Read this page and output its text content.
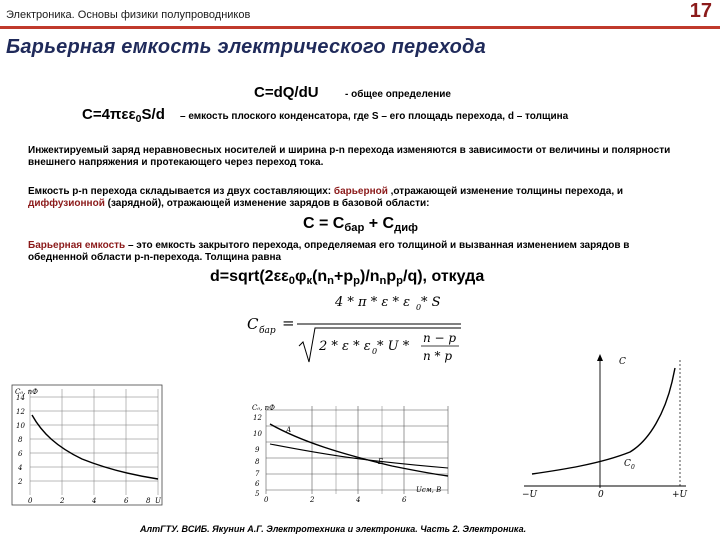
Электроника. Основы физики полупроводников	17
Барьерная емкость электрического перехода
C=dQ/dU	- общее определение
С=4πεε$_0$S/d – емкость плоского конденсатора, где S – его площадь перехода, d – толщина
Инжектируемый заряд неравновесных носителей и ширина p-n перехода изменяются в зависимости от величины и полярности внешнего напряжения и протекающего через переход тока.
Емкость p-n перехода складывается из двух составляющих: барьерной ,отражающей изменение толщины перехода, и диффузионной (зарядной), отражающей изменение зарядов в базовой области:
$С = С_{бар} + С_{диф}$
Барьерная емкость – это емкость закрытого перехода, определяемая его толщиной и вызванная изменением зарядов в обедненной области p-n-перехода. Толщина равна
$d=sqrt(2\varepsilon\varepsilon_0\varphi_к(n_n+p_p)/n_np_p/q)$, откуда
C бар =
4 * π * ε * ε 0 * S
2 * ε * ε 0 * U *
n − p
n * p
C₀, пФ
14
12
10
8
6
4
2
0	2	4	6	8 U
C₀, пФ
12
10
9
8
7
6
5
0	2	4	6
Uсм, В
А
Б
C
−U	0	+U
C 0
АлтГТУ. ВСИБ. Якунин А.Г. Электротехника и электроника. Часть 2. Электроника.
